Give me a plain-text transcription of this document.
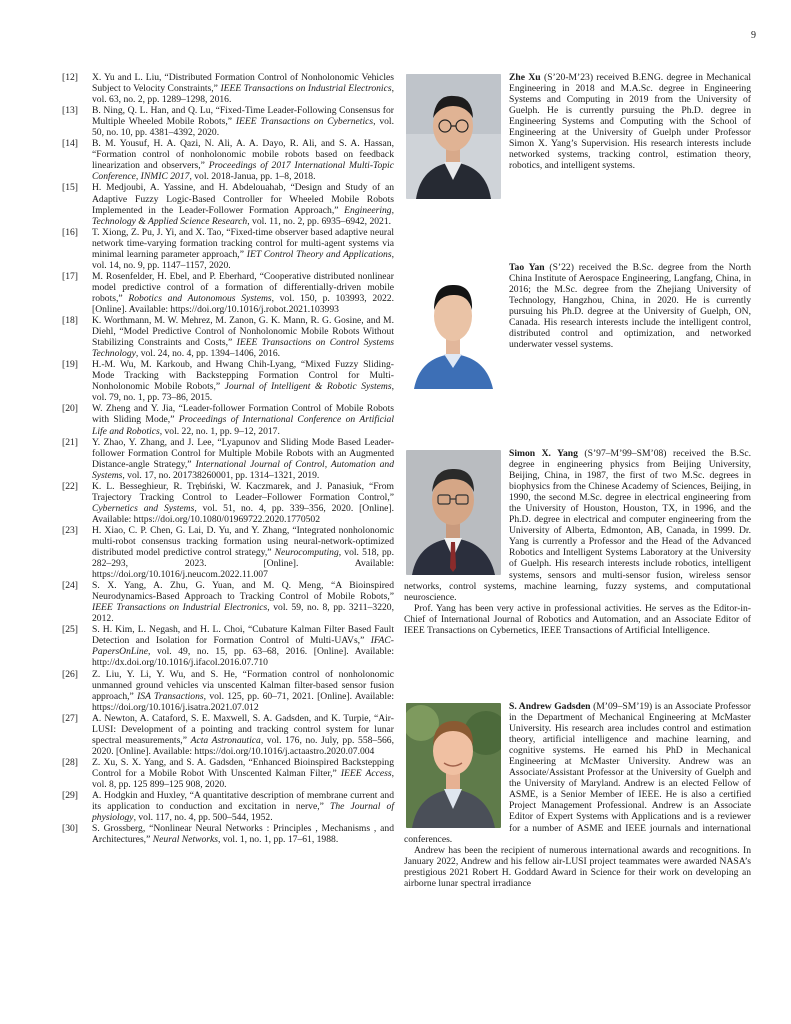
9
[12] X. Yu and L. Liu, “Distributed Formation Control of Nonholonomic Vehicles Subject to Velocity Constraints,” IEEE Transactions on Industrial Electronics, vol. 63, no. 2, pp. 1289–1298, 2016.
[13] B. Ning, Q. L. Han, and Q. Lu, “Fixed-Time Leader-Following Consensus for Multiple Wheeled Mobile Robots,” IEEE Transactions on Cybernetics, vol. 50, no. 10, pp. 4381–4392, 2020.
[14] B. M. Yousuf, H. A. Qazi, N. Ali, A. A. Dayo, R. Ali, and S. A. Hassan, “Formation control of nonholonomic mobile robots based on feedback linearization and observers,” Proceedings of 2017 International Multi-Topic Conference, INMIC 2017, vol. 2018-Janua, pp. 1–8, 2018.
[15] H. Medjoubi, A. Yassine, and H. Abdelouahab, “Design and Study of an Adaptive Fuzzy Logic-Based Controller for Wheeled Mobile Robots Implemented in the Leader-Follower Formation Approach,” Engineering, Technology & Applied Science Research, vol. 11, no. 2, pp. 6935–6942, 2021.
[16] T. Xiong, Z. Pu, J. Yi, and X. Tao, “Fixed-time observer based adaptive neural network time-varying formation tracking control for multi-agent systems via minimal learning parameter approach,” IET Control Theory and Applications, vol. 14, no. 9, pp. 1147–1157, 2020.
[17] M. Rosenfelder, H. Ebel, and P. Eberhard, “Cooperative distributed nonlinear model predictive control of a formation of differentially-driven mobile robots,” Robotics and Autonomous Systems, vol. 150, p. 103993, 2022. [Online]. Available: https://doi.org/10.1016/j.robot.2021.103993
[18] K. Worthmann, M. W. Mehrez, M. Zanon, G. K. Mann, R. G. Gosine, and M. Diehl, “Model Predictive Control of Nonholonomic Mobile Robots Without Stabilizing Constraints and Costs,” IEEE Transactions on Control Systems Technology, vol. 24, no. 4, pp. 1394–1406, 2016.
[19] H.-M. Wu, M. Karkoub, and Hwang Chih-Lyang, “Mixed Fuzzy Sliding-Mode Tracking with Backstepping Formation Control for Multi-Nonholonomic Mobile Robots,” Journal of Intelligent & Robotic Systems, vol. 79, no. 1, pp. 73–86, 2015.
[20] W. Zheng and Y. Jia, “Leader-follower Formation Control of Mobile Robots with Sliding Mode,” Proceedings of International Conference on Artificial Life and Robotics, vol. 22, no. 1, pp. 9–12, 2017.
[21] Y. Zhao, Y. Zhang, and J. Lee, “Lyapunov and Sliding Mode Based Leader-follower Formation Control for Multiple Mobile Robots with an Augmented Distance-angle Strategy,” International Journal of Control, Automation and Systems, vol. 17, no. 201738260001, pp. 1314–1321, 2019.
[22] K. L. Besseghieur, R. Trębiński, W. Kaczmarek, and J. Panasiuk, “From Trajectory Tracking Control to Leader–Follower Formation Control,” Cybernetics and Systems, vol. 51, no. 4, pp. 339–356, 2020. [Online]. Available: https://doi.org/10.1080/01969722.2020.1770502
[23] H. Xiao, C. P. Chen, G. Lai, D. Yu, and Y. Zhang, “Integrated nonholonomic multi-robot consensus tracking formation using neural-network-optimized distributed model predictive control strategy,” Neurocomputing, vol. 518, pp. 282–293, 2023. [Online]. Available: https://doi.org/10.1016/j.neucom.2022.11.007
[24] S. X. Yang, A. Zhu, G. Yuan, and M. Q. Meng, “A Bioinspired Neurodynamics-Based Approach to Tracking Control of Mobile Robots,” IEEE Transactions on Industrial Electronics, vol. 59, no. 8, pp. 3211–3220, 2012.
[25] S. H. Kim, L. Negash, and H. L. Choi, “Cubature Kalman Filter Based Fault Detection and Isolation for Formation Control of Multi-UAVs,” IFAC-PapersOnLine, vol. 49, no. 15, pp. 63–68, 2016. [Online]. Available: http://dx.doi.org/10.1016/j.ifacol.2016.07.710
[26] Z. Liu, Y. Li, Y. Wu, and S. He, “Formation control of nonholonomic unmanned ground vehicles via unscented Kalman filter-based sensor fusion approach,” ISA Transactions, vol. 125, pp. 60–71, 2021. [Online]. Available: https://doi.org/10.1016/j.isatra.2021.07.012
[27] A. Newton, A. Cataford, S. E. Maxwell, S. A. Gadsden, and K. Turpie, “Air-LUSI: Development of a pointing and tracking control system for lunar spectral measurements,” Acta Astronautica, vol. 176, no. July, pp. 558–566, 2020. [Online]. Available: https://doi.org/10.1016/j.actaastro.2020.07.004
[28] Z. Xu, S. X. Yang, and S. A. Gadsden, “Enhanced Bioinspired Backstepping Control for a Mobile Robot With Unscented Kalman Filter,” IEEE Access, vol. 8, pp. 125 899–125 908, 2020.
[29] A. Hodgkin and Huxley, “A quantitative description of membrane current and its application to conduction and excitation in nerve,” The Journal of physiology, vol. 117, no. 4, pp. 500–544, 1952.
[30] S. Grossberg, “Nonlinear Neural Networks : Principles , Mechanisms , and Architectures,” Neural Networks, vol. 1, no. 1, pp. 17–61, 1988.

Zhe Xu (S’20-M’23) received B.ENG. degree in Mechanical Engineering in 2018 and M.A.Sc. degree in Engineering Systems and Computing in 2019 from the University of Guelph. He is currently pursuing the Ph.D. degree in Engineering Systems and Computing with the School of Engineering at the University of Guelph under Professor Simon X. Yang’s Supervision. His research interests include networked systems, tracking control, estimation theory, robotics, and intelligent systems.

Tao Yan (S’22) received the B.Sc. degree from the North China Institute of Aerospace Engineering, Langfang, China, in 2016; the M.Sc. degree from the Zhejiang University of Technology, Hangzhou, China, in 2020. He is currently pursuing his Ph.D. degree at the University of Guelph, ON, Canada. His research interests include the intelligent control, distributed control and optimization, and networked underwater vessel systems.

Simon X. Yang (S’97–M’99–SM’08) received the B.Sc. degree in engineering physics from Beijing University, Beijing, China, in 1987, the first of two M.Sc. degrees in biophysics from the Chinese Academy of Sciences, Beijing, in 1990, the second M.Sc. degree in electrical engineering from the University of Houston, Houston, TX, in 1996, and the Ph.D. degree in electrical and computer engineering from the University of Alberta, Edmonton, AB, Canada, in 1999. Dr. Yang is currently a Professor and the Head of the Advanced Robotics and Intelligent Systems Laboratory at the University of Guelph. His research interests include robotics, intelligent systems, sensors and multi-sensor fusion, wireless sensor networks, control systems, machine learning, fuzzy systems, and computational neuroscience.

Prof. Yang has been very active in professional activities. He serves as the Editor-in-Chief of International Journal of Robotics and Automation, and an Associate Editor of IEEE Transactions on Cybernetics, IEEE Transactions of Artificial Intelligence.

S. Andrew Gadsden (M’09–SM’19) is an Associate Professor in the Department of Mechanical Engineering at McMaster University. His research area includes control and estimation theory, artificial intelligence and machine learning, and cognitive systems. He earned his PhD in Mechanical Engineering at McMaster University. Andrew was an Associate/Assistant Professor at the University of Guelph and the University of Maryland. Andrew is an elected Fellow of ASME, is a Senior Member of IEEE. He is also a certified Project Management Professional. Andrew is an Associate Editor of Expert Systems with Applications and is a reviewer for a number of ASME and IEEE journals and international conferences.

Andrew has been the recipient of numerous international awards and recognitions. In January 2022, Andrew and his fellow air-LUSI project teammates were awarded NASA’s prestigious 2021 Robert H. Goddard Award in Science for their work on developing an airborne lunar spectral irradiance
